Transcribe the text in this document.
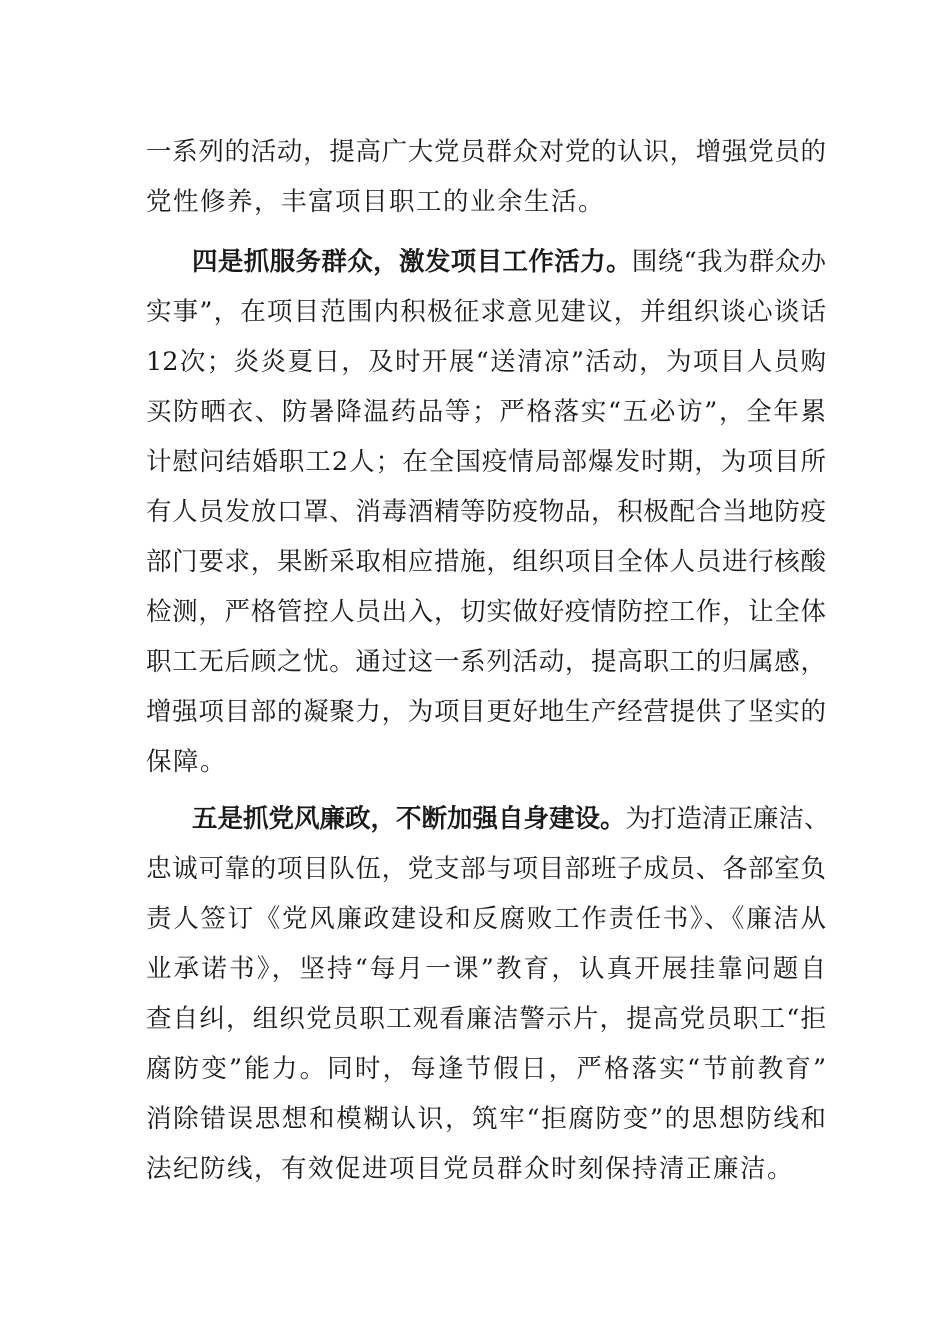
一系列的活动，提高广大党员群众对党的认识，增强党员的
党性修养，丰富项目职工的业余生活。
四是抓服务群众，激发项目工作活力。围绕“我为群众办
实事”，在项目范围内积极征求意见建议，并组织谈心谈话
12次；炎炎夏日，及时开展“送清凉”活动，为项目人员购
买防晒衣、防暑降温药品等；严格落实“五必访”，全年累
计慰问结婚职工2人；在全国疫情局部爆发时期，为项目所
有人员发放口罩、消毒酒精等防疫物品，积极配合当地防疫
部门要求，果断采取相应措施，组织项目全体人员进行核酸
检测，严格管控人员出入，切实做好疫情防控工作，让全体
职工无后顾之忧。通过这一系列活动，提高职工的归属感，
增强项目部的凝聚力，为项目更好地生产经营提供了坚实的
保障。
五是抓党风廉政，不断加强自身建设。为打造清正廉洁、
忠诚可靠的项目队伍，党支部与项目部班子成员、各部室负
责人签订《党风廉政建设和反腐败工作责任书》、《廉洁从
业承诺书》，坚持“每月一课”教育，认真开展挂靠问题自
查自纠，组织党员职工观看廉洁警示片，提高党员职工“拒
腐防变”能力。同时，每逢节假日，严格落实“节前教育”
消除错误思想和模糊认识，筑牢“拒腐防变”的思想防线和
法纪防线，有效促进项目党员群众时刻保持清正廉洁。
